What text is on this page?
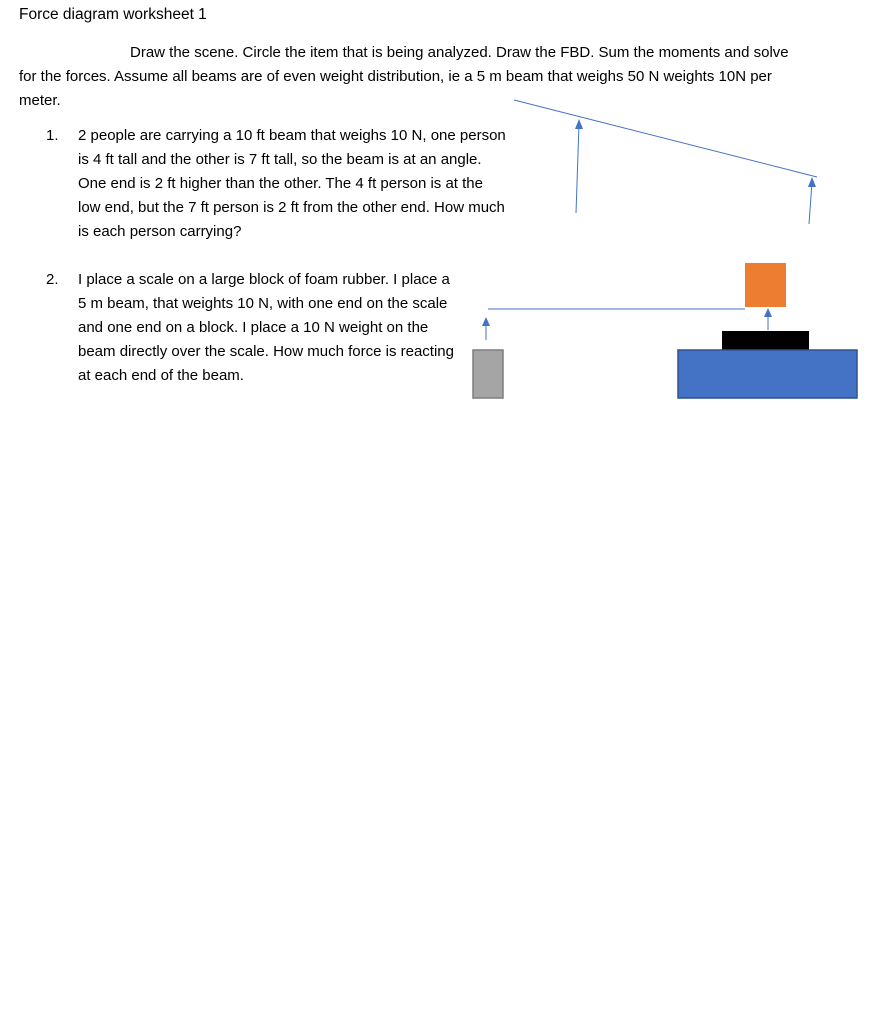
Force diagram worksheet 1
Draw the scene. Circle the item that is being analyzed. Draw the FBD. Sum the moments and solve for the forces. Assume all beams are of even weight distribution, ie a 5 m beam that weighs 50 N weights 10N per meter.
1.	2 people are carrying a 10 ft beam that weighs 10 N, one person is 4 ft tall and the other is 7 ft tall, so the beam is at an angle. One end is 2 ft higher than the other. The 4 ft person is at the low end, but the 7 ft person is 2 ft from the other end. How much is each person carrying?
2.	I place a scale on a large block of foam rubber. I place a 5 m beam, that weights 10 N, with one end on the scale and one end on a block. I place a 10 N weight on the beam directly over the scale. How much force is reacting at each end of the beam.
